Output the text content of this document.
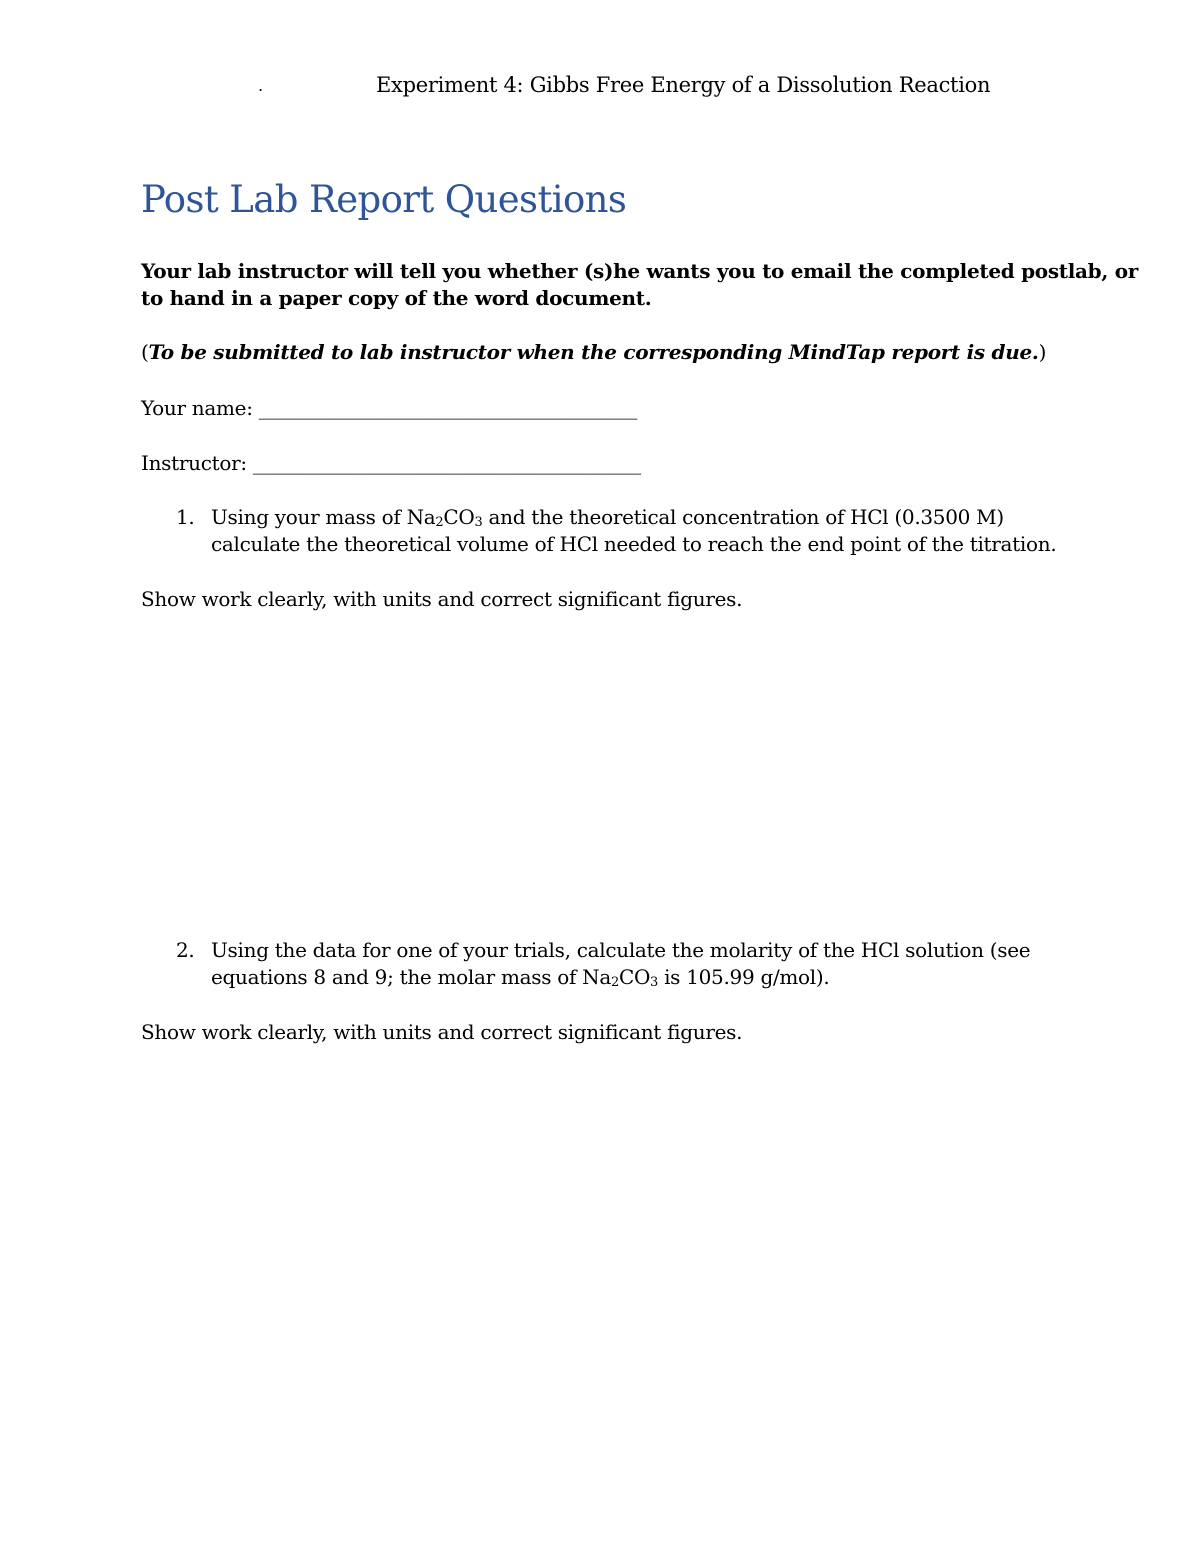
.	Experiment 4: Gibbs Free Energy of a Dissolution Reaction
Post Lab Report Questions
Your lab instructor will tell you whether (s)he wants you to email the completed postlab, or
to hand in a paper copy of the word document.
(To be submitted to lab instructor when the corresponding MindTap report is due.)
Your name: _______________________________________
Instructor: ________________________________________
1. Using your mass of $Na_2CO_3$ and the theoretical concentration of HCl (0.3500 M)
calculate the theoretical volume of HCl needed to reach the end point of the titration.
Show work clearly, with units and correct significant figures.
2. Using the data for one of your trials, calculate the molarity of the HCl solution (see
equations 8 and 9; the molar mass of $Na_2CO_3$ is 105.99 g/mol).
Show work clearly, with units and correct significant figures.
